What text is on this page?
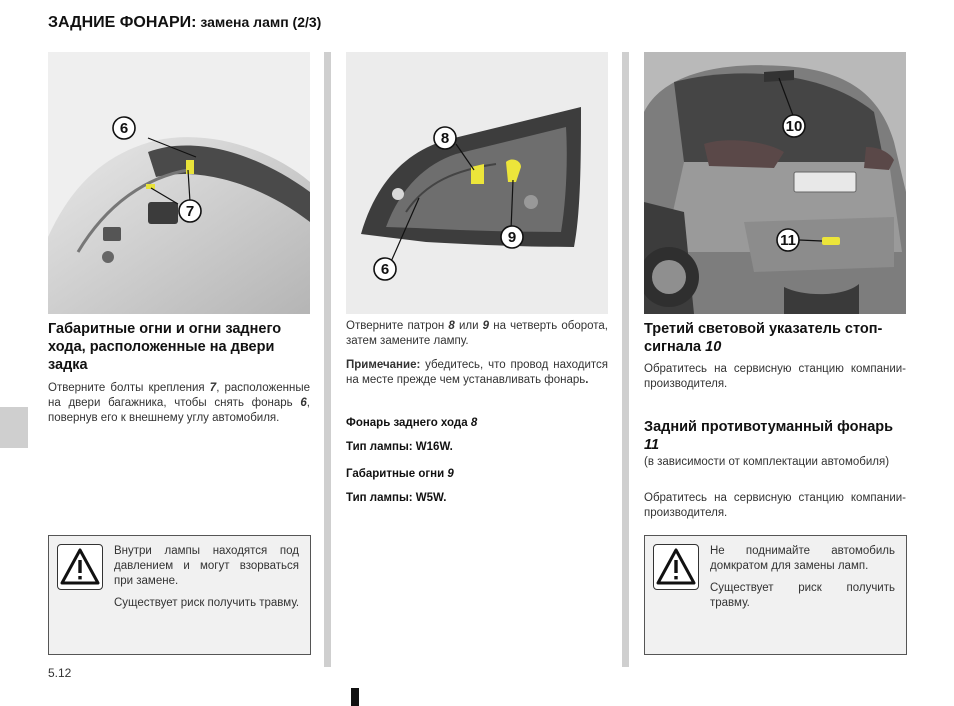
ЗАДНИЕ ФОНАРИ: замена ламп (2/3)
6
7
Габаритные огни и огни заднего хода, расположенные на двери задка
Отверните болты крепления 7, расположенные на двери багажника, чтобы снять фонарь 6, повернув его к внешнему углу автомобиля.
Внутри лампы находятся под давлением и могут взорваться при замене.
Существует риск получить травму.
8
9
6
Отверните патрон 8 или 9 на четверть оборота, затем замените лампу.
Примечание: убедитесь, что провод находится на месте прежде чем устанавливать фонарь.
Фонарь заднего хода 8
Тип лампы: W16W.
Габаритные огни 9
Тип лампы: W5W.
10
11
Третий световой указатель стоп-сигнала 10
Обратитесь на сервисную станцию компании-производителя.
Задний противотуманный фонарь 11
(в зависимости от комплектации автомобиля)
Обратитесь на сервисную станцию компании-производителя.
Не поднимайте автомобиль домкратом для замены ламп.
Существует риск получить травму.
5.12
